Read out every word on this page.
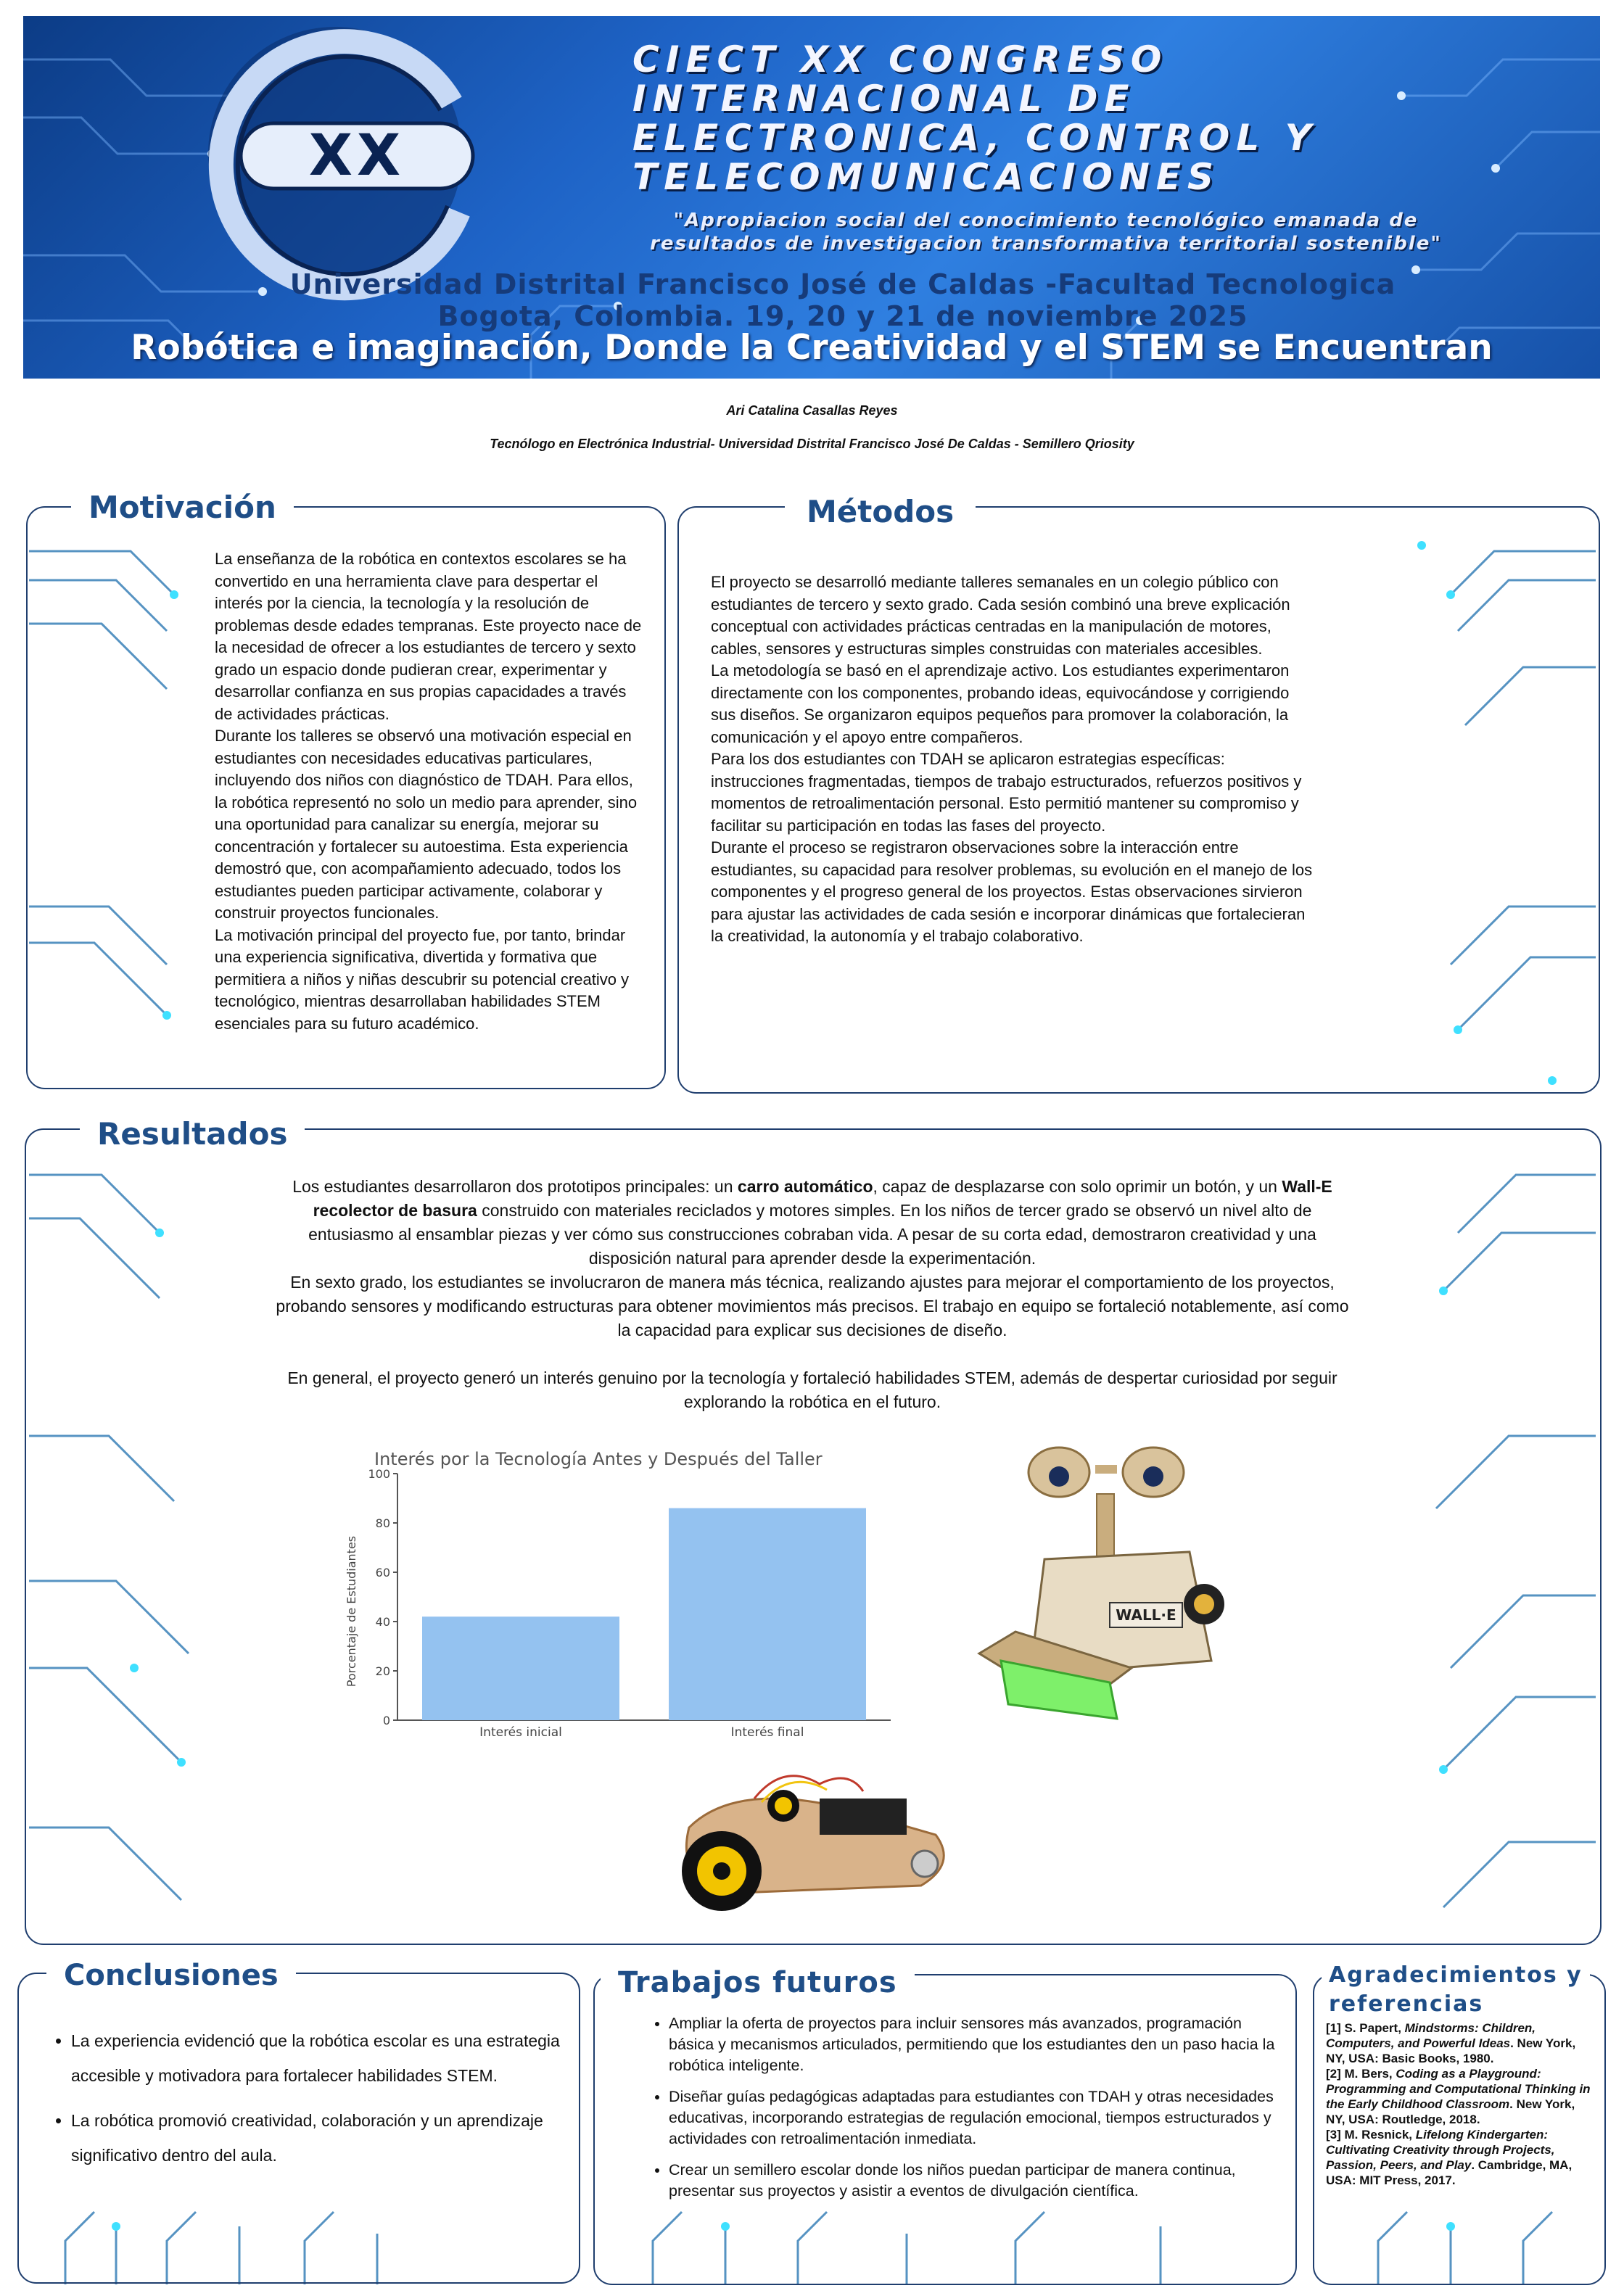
XX
CIECT XX CONGRESO
INTERNACIONAL DE
ELECTRONICA, CONTROL Y
TELECOMUNICACIONES
"Apropiacion social del conocimiento tecnológico emanada de
resultados de investigacion transformativa territorial sostenible"
Universidad Distrital Francisco José de Caldas -Facultad Tecnologica
Bogota, Colombia. 19, 20 y 21 de noviembre 2025
Robótica e imaginación, Donde la Creatividad y el STEM se Encuentran
Ari Catalina Casallas Reyes
Tecnólogo en Electrónica Industrial- Universidad Distrital Francisco José De Caldas - Semillero Qriosity
Motivación
La enseñanza de la robótica en contextos escolares se ha convertido en una herramienta clave para despertar el interés por la ciencia, la tecnología y la resolución de problemas desde edades tempranas. Este proyecto nace de la necesidad de ofrecer a los estudiantes de tercero y sexto grado un espacio donde pudieran crear, experimentar y desarrollar confianza en sus propias capacidades a través de actividades prácticas.
Durante los talleres se observó una motivación especial en estudiantes con necesidades educativas particulares, incluyendo dos niños con diagnóstico de TDAH. Para ellos, la robótica representó no solo un medio para aprender, sino una oportunidad para canalizar su energía, mejorar su concentración y fortalecer su autoestima. Esta experiencia demostró que, con acompañamiento adecuado, todos los estudiantes pueden participar activamente, colaborar y construir proyectos funcionales.
La motivación principal del proyecto fue, por tanto, brindar una experiencia significativa, divertida y formativa que permitiera a niños y niñas descubrir su potencial creativo y tecnológico, mientras desarrollaban habilidades STEM esenciales para su futuro académico.
Métodos
El proyecto se desarrolló mediante talleres semanales en un colegio público con estudiantes de tercero y sexto grado. Cada sesión combinó una breve explicación conceptual con actividades prácticas centradas en la manipulación de motores, cables, sensores y estructuras simples construidas con materiales accesibles.
La metodología se basó en el aprendizaje activo. Los estudiantes experimentaron directamente con los componentes, probando ideas, equivocándose y corrigiendo sus diseños. Se organizaron equipos pequeños para promover la colaboración, la comunicación y el apoyo entre compañeros.
Para los dos estudiantes con TDAH se aplicaron estrategias específicas: instrucciones fragmentadas, tiempos de trabajo estructurados, refuerzos positivos y momentos de retroalimentación personal. Esto permitió mantener su compromiso y facilitar su participación en todas las fases del proyecto.
Durante el proceso se registraron observaciones sobre la interacción entre estudiantes, su capacidad para resolver problemas, su evolución en el manejo de los componentes y el progreso general de los proyectos. Estas observaciones sirvieron para ajustar las actividades de cada sesión e incorporar dinámicas que fortalecieran la creatividad, la autonomía y el trabajo colaborativo.
Resultados
Los estudiantes desarrollaron dos prototipos principales: un carro automático, capaz de desplazarse con solo oprimir un botón, y un Wall-E recolector de basura construido con materiales reciclados y motores simples. En los niños de tercer grado se observó un nivel alto de entusiasmo al ensamblar piezas y ver cómo sus construcciones cobraban vida. A pesar de su corta edad, demostraron creatividad y una disposición natural para aprender desde la experimentación.
En sexto grado, los estudiantes se involucraron de manera más técnica, realizando ajustes para mejorar el comportamiento de los proyectos, probando sensores y modificando estructuras para obtener movimientos más precisos. El trabajo en equipo se fortaleció notablemente, así como la capacidad para explicar sus decisiones de diseño.
En general, el proyecto generó un interés genuino por la tecnología y fortaleció habilidades STEM, además de despertar curiosidad por seguir explorando la robótica en el futuro.
Interés por la Tecnología Antes y Después del Taller
Porcentaje de Estudiantes
0
20
40
60
80
100
Interés inicial	Interés final
WALL·E
Conclusiones
• La experiencia evidenció que la robótica escolar es una estrategia accesible y motivadora para fortalecer habilidades STEM.
• La robótica promovió creatividad, colaboración y un aprendizaje significativo dentro del aula.
Trabajos futuros
• Ampliar la oferta de proyectos para incluir sensores más avanzados, programación básica y mecanismos articulados, permitiendo que los estudiantes den un paso hacia la robótica inteligente.
• Diseñar guías pedagógicas adaptadas para estudiantes con TDAH y otras necesidades educativas, incorporando estrategias de regulación emocional, tiempos estructurados y actividades con retroalimentación inmediata.
• Crear un semillero escolar donde los niños puedan participar de manera continua, presentar sus proyectos y asistir a eventos de divulgación científica.
Agradecimientos y
referencias
[1] S. Papert, Mindstorms: Children, Computers, and Powerful Ideas. New York, NY, USA: Basic Books, 1980.
[2] M. Bers, Coding as a Playground: Programming and Computational Thinking in the Early Childhood Classroom. New York, NY, USA: Routledge, 2018.
[3] M. Resnick, Lifelong Kindergarten: Cultivating Creativity through Projects, Passion, Peers, and Play. Cambridge, MA, USA: MIT Press, 2017.
